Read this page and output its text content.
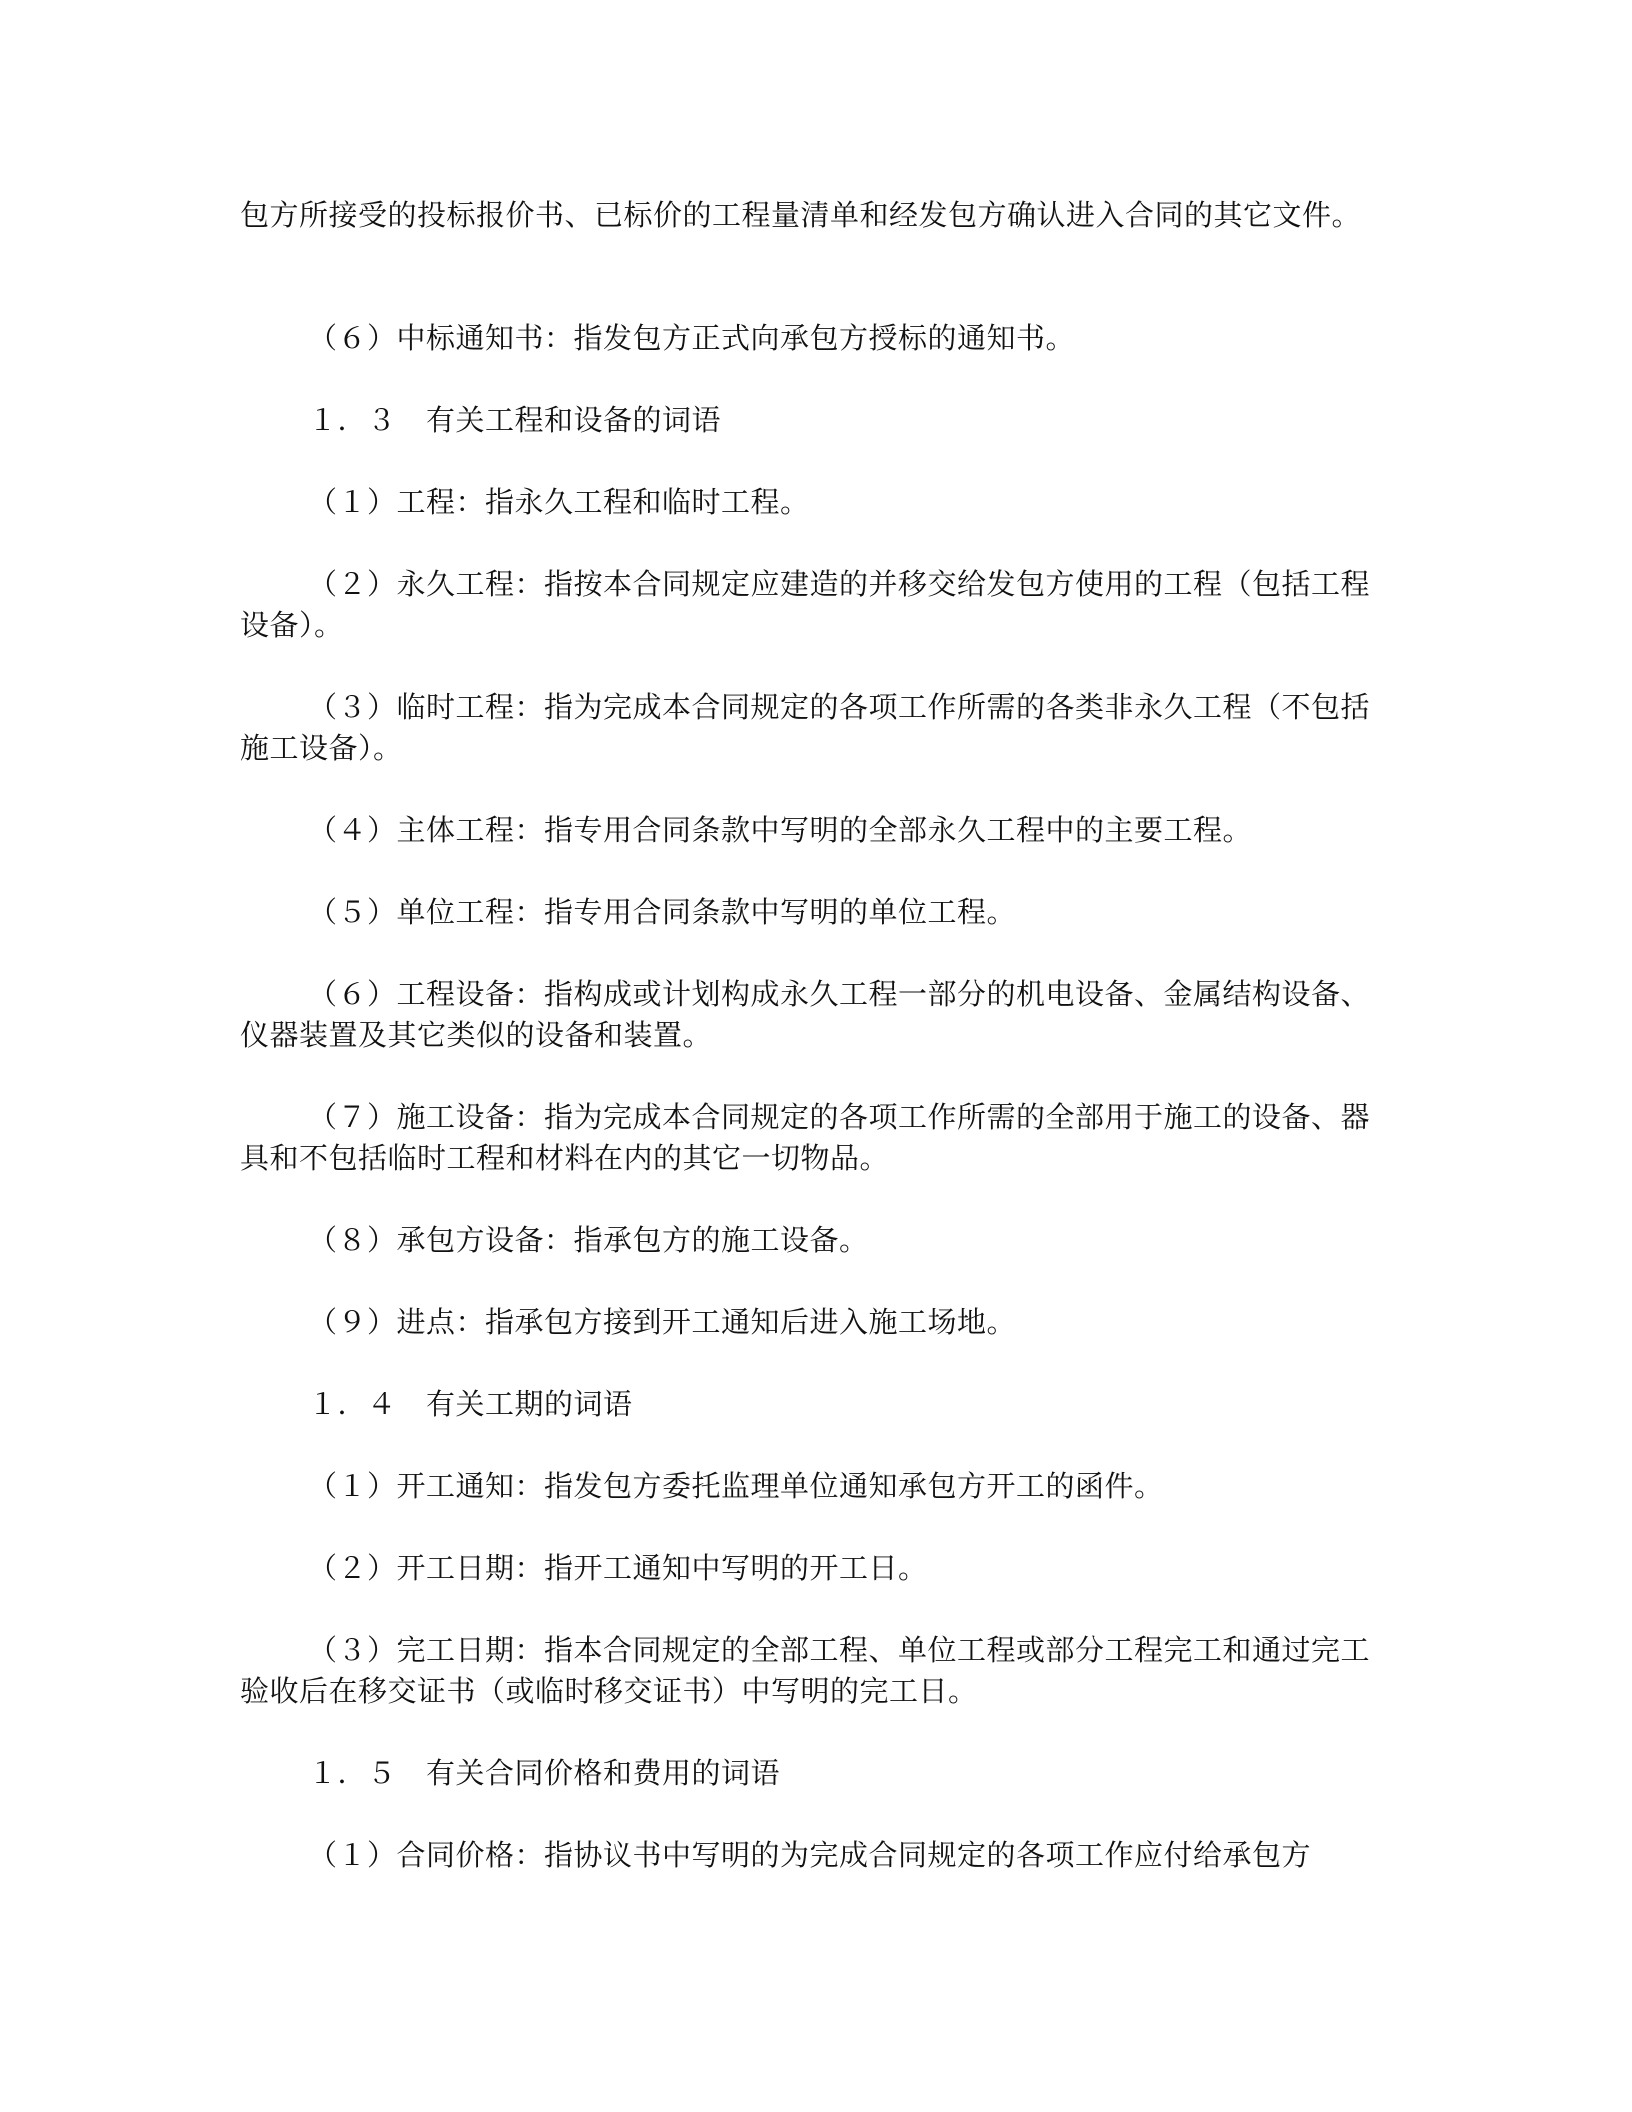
包方所接受的投标报价书、已标价的工程量清单和经发包方确认进入合同的其它文件。

（６）中标通知书：指发包方正式向承包方授标的通知书。

１．３　有关工程和设备的词语

（１）工程：指永久工程和临时工程。

（２）永久工程：指按本合同规定应建造的并移交给发包方使用的工程（包括工程设备）。

（３）临时工程：指为完成本合同规定的各项工作所需的各类非永久工程（不包括施工设备）。

（４）主体工程：指专用合同条款中写明的全部永久工程中的主要工程。

（５）单位工程：指专用合同条款中写明的单位工程。

（６）工程设备：指构成或计划构成永久工程一部分的机电设备、金属结构设备、仪器装置及其它类似的设备和装置。

（７）施工设备：指为完成本合同规定的各项工作所需的全部用于施工的设备、器具和不包括临时工程和材料在内的其它一切物品。

（８）承包方设备：指承包方的施工设备。

（９）进点：指承包方接到开工通知后进入施工场地。

１．４　有关工期的词语

（１）开工通知：指发包方委托监理单位通知承包方开工的函件。

（２）开工日期：指开工通知中写明的开工日。

（３）完工日期：指本合同规定的全部工程、单位工程或部分工程完工和通过完工验收后在移交证书（或临时移交证书）中写明的完工日。

１．５　有关合同价格和费用的词语

（１）合同价格：指协议书中写明的为完成合同规定的各项工作应付给承包方
